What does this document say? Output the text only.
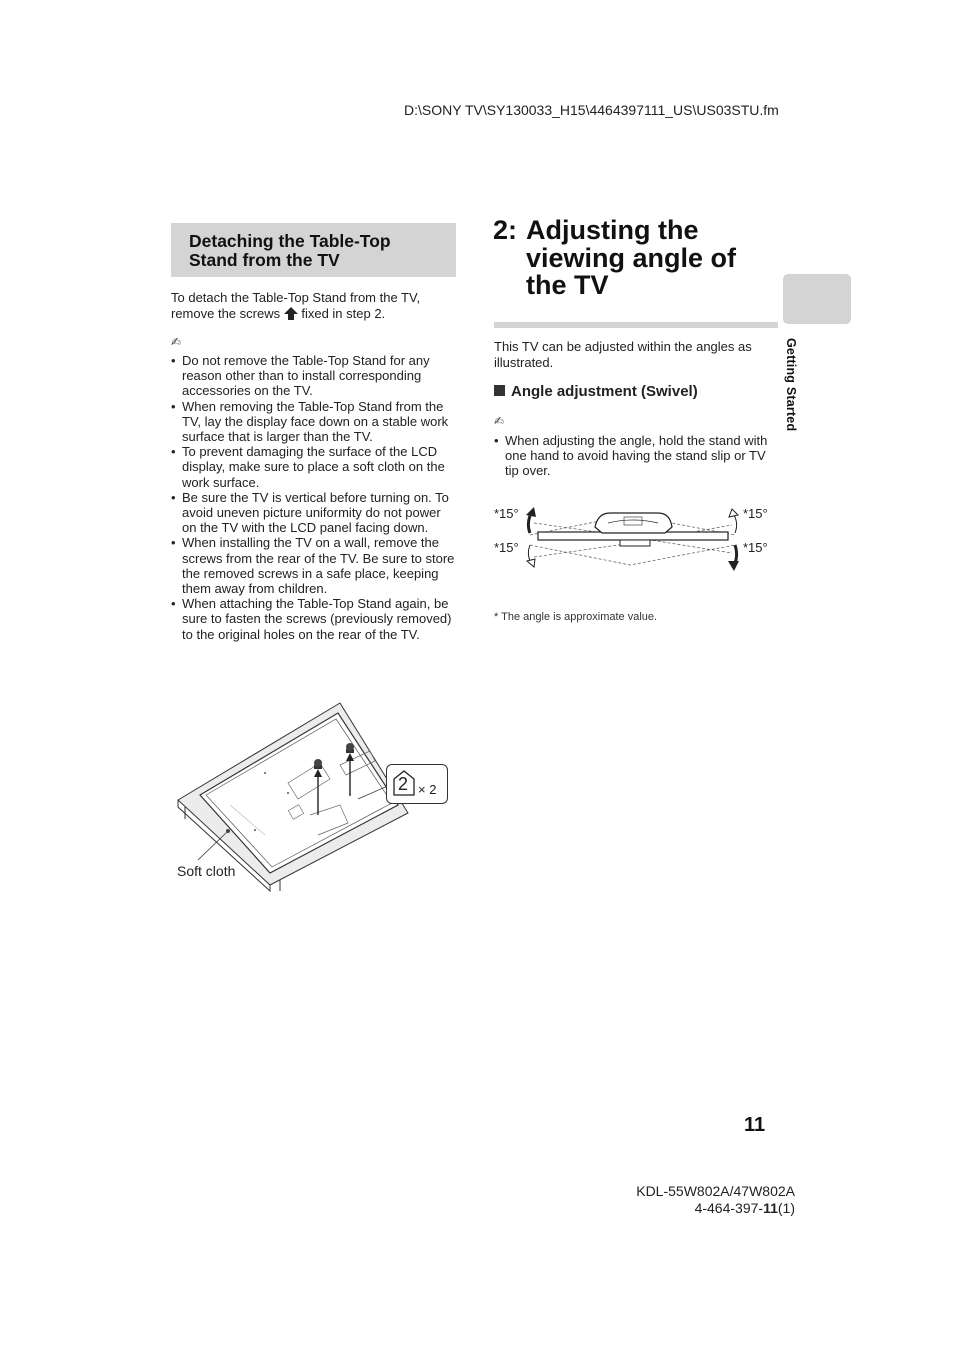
D:\SONY TV\SY130033_H15\4464397111_US\US03STU.fm
Detaching the Table-Top Stand from the TV
To detach the Table-Top Stand from the TV, remove the screws fixed in step 2.
✍
• Do not remove the Table-Top Stand for any reason other than to install corresponding accessories on the TV.
• When removing the Table-Top Stand from the TV, lay the display face down on a stable work surface that is larger than the TV.
• To prevent damaging the surface of the LCD display, make sure to place a soft cloth on the work surface.
• Be sure the TV is vertical before turning on. To avoid uneven picture uniformity do not power on the TV with the LCD panel facing down.
• When installing the TV on a wall, remove the screws from the rear of the TV. Be sure to store the removed screws in a safe place, keeping them away from children.
• When attaching the Table-Top Stand again, be sure to fasten the screws (previously removed) to the original holes on the rear of the TV.
2 × 2
Soft cloth
2: Adjusting the
viewing angle of
the TV
This TV can be adjusted within the angles as illustrated.
Angle adjustment (Swivel)
✍
• When adjusting the angle, hold the stand with one hand to avoid having the stand slip or TV tip over.
*15°	*15°
*15°	*15°
* The angle is approximate value.
Getting Started
11
KDL-55W802A/47W802A
4-464-397-11(1)
